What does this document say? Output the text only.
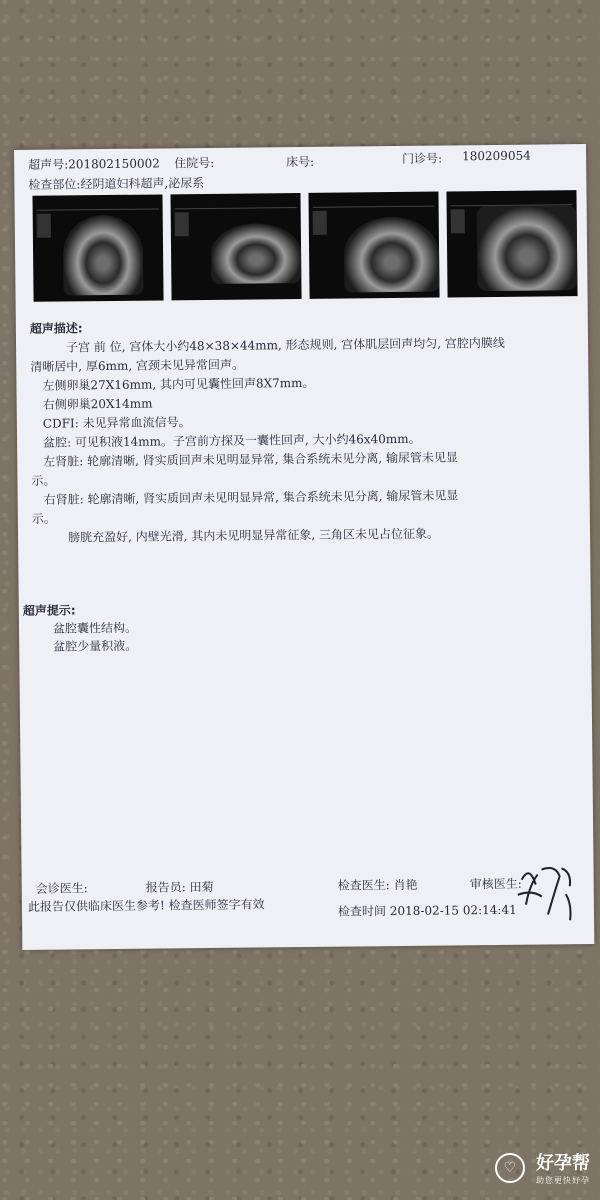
超声号:201802150002 住院号:	床号:	门诊号: 180209054
检查部位:经阴道妇科超声,泌尿系
超声描述:

子宫 前 位, 宫体大小约48×38×44mm, 形态规则, 宫体肌层回声均匀, 宫腔内膜线

清晰居中, 厚6mm, 宫颈未见异常回声。

左侧卵巢27X16mm, 其内可见囊性回声8X7mm。

右侧卵巢20X14mm

CDFI: 未见异常血流信号。

盆腔: 可见积液14mm。子宫前方探及一囊性回声, 大小约46x40mm。

左肾脏: 轮廓清晰, 肾实质回声未见明显异常, 集合系统未见分离, 输尿管未见显

示。

右肾脏: 轮廓清晰, 肾实质回声未见明显异常, 集合系统未见分离, 输尿管未见显

示。

膀胱充盈好, 内壁光滑, 其内未见明显异常征象, 三角区未见占位征象。

超声提示:
盆腔囊性结构。
盆腔少量积液。
会诊医生:	报告员: 田菊	检查医生: 肖艳	审核医生:
此报告仅供临床医生参考! 检查医师签字有效	检查时间 2018-02-15 02:14:41
♡ 好孕帮
助您更快好孕
